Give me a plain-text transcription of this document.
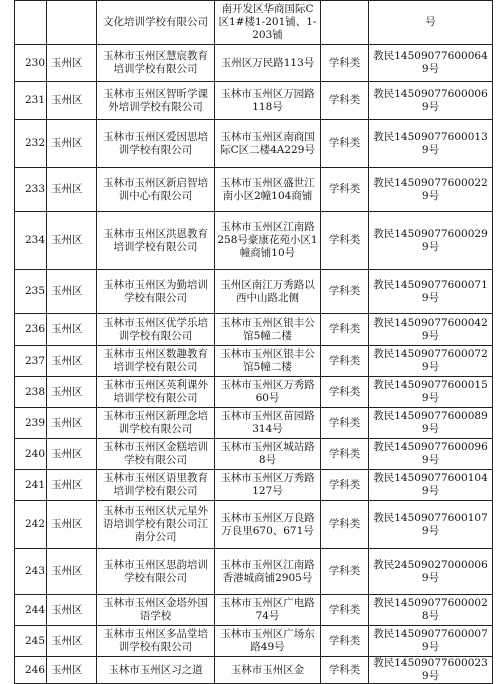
		文化培训学校有限公司	南开发区华商国际C区1#楼1-201铺、1-203铺		号
230	玉州区	玉林市玉州区慧宸教育培训学校有限公司	玉州区万民路113号	学科类	教民145090776000649号
231	玉州区	玉林市玉州区智昕学课外培训学校有限公司	玉林市玉州区万园路118号	学科类	教民145090776000069号
232	玉州区	玉林市玉州区爱因思培训学校有限公司	玉林市玉州区南商国际C区二楼4A229号	学科类	教民145090776000139号
233	玉州区	玉林市玉州区新启智培训中心有限公司	玉林市玉州区盛世江南小区2幢104商铺	学科类	教民145090776000229号
234	玉州区	玉林市玉州区洪恩教育培训学校有限公司	玉林市玉州区江南路258号豪康花苑小区1幢商铺10号	学科类	教民145090776000299号
235	玉州区	玉林市玉州区为勤培训学校有限公司	玉州区南江万秀路以西中山路北侧	学科类	教民145090776000719号
236	玉州区	玉林市玉州区优学乐培训学校有限公司	玉林市玉州区银丰公馆5幢二楼	学科类	教民145090776000429号
237	玉州区	玉林市玉州区数趣教育培训学校有限公司	玉林市玉州区银丰公馆5幢二楼	学科类	教民145090776000729号
238	玉州区	玉林市玉州区英利课外培训学校有限公司	玉林市玉州区万秀路60号	学科类	教民145090776000159号
239	玉州区	玉林市玉州区新理念培训学校有限公司	玉林市玉州区苗园路314号	学科类	教民145090776000899号
240	玉州区	玉林市玉州区金糕培训学校有限公司	玉林市玉州区城站路8号	学科类	教民145090776000969号
241	玉州区	玉林市玉州区语里教育培训学校有限公司	玉林市玉州区万秀路127号	学科类	教民145090776001049号
242	玉州区	玉林市玉州区状元星外语培训学校有限公司江南分公司	玉林市玉州区万良路万良里670、671号	学科类	教民145090776001079号
243	玉州区	玉林市玉州区思韵培训学校有限公司	玉林市玉州区江南路香港城商铺2905号	学科类	教民245090270000069号
244	玉州区	玉林市玉州区金塔外国语学校	玉林市玉州区广电路74号	学科类	教民145090776000028号
245	玉州区	玉林市玉州区多品堂培训学校有限公司	玉林市玉州区广场东路49号	学科类	教民145090776000079号
246	玉州区	玉林市玉州区习之道	玉林市玉州区金	学科类	教民145090776000239号
